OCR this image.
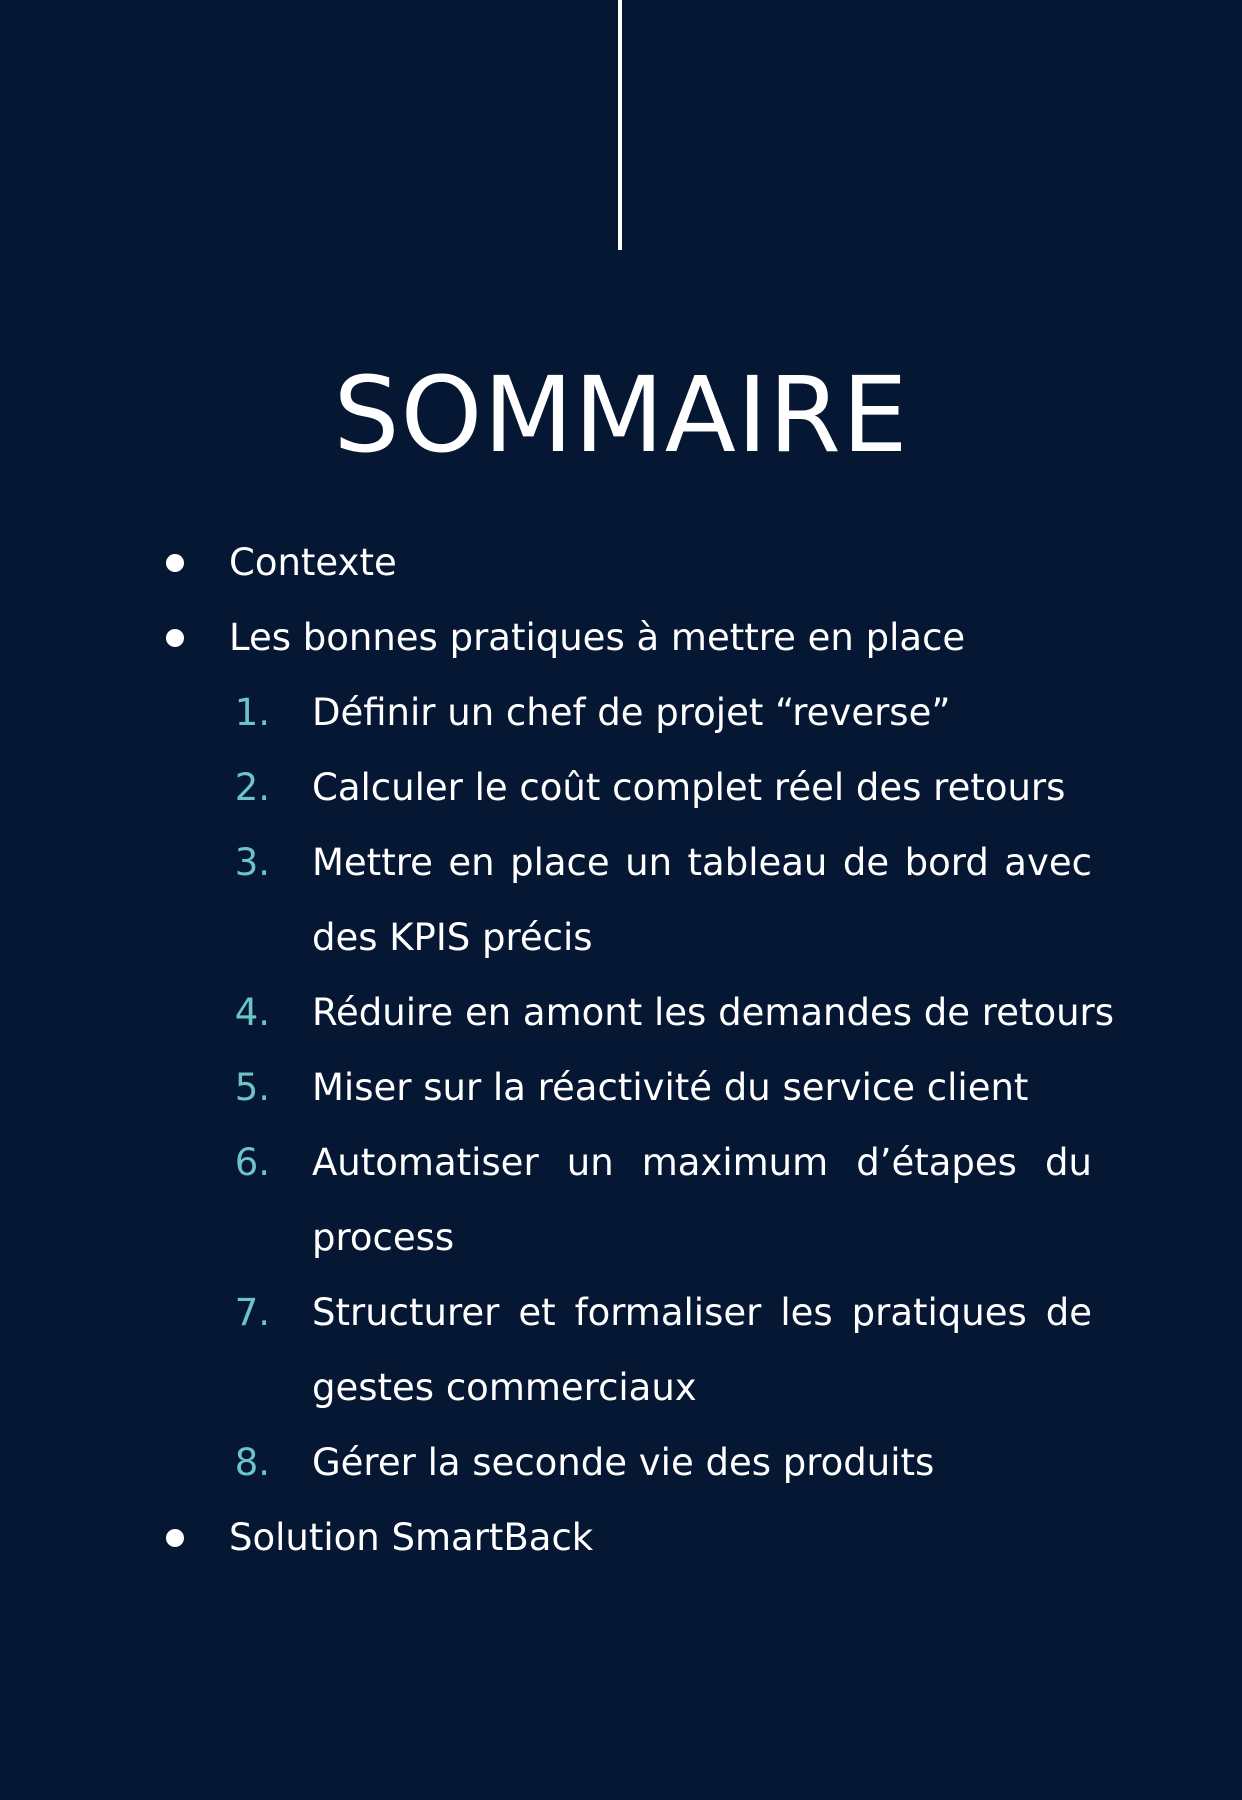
SOMMAIRE
Contexte
Les bonnes pratiques à mettre en place
1. Définir un chef de projet “reverse”
2. Calculer le coût complet réel des retours
3. Mettre en place un tableau de bord avec des KPIS précis
4. Réduire en amont les demandes de retours
5. Miser sur la réactivité du service client
6. Automatiser un maximum d’étapes du process
7. Structurer et formaliser les pratiques de gestes commerciaux
8. Gérer la seconde vie des produits
Solution SmartBack
